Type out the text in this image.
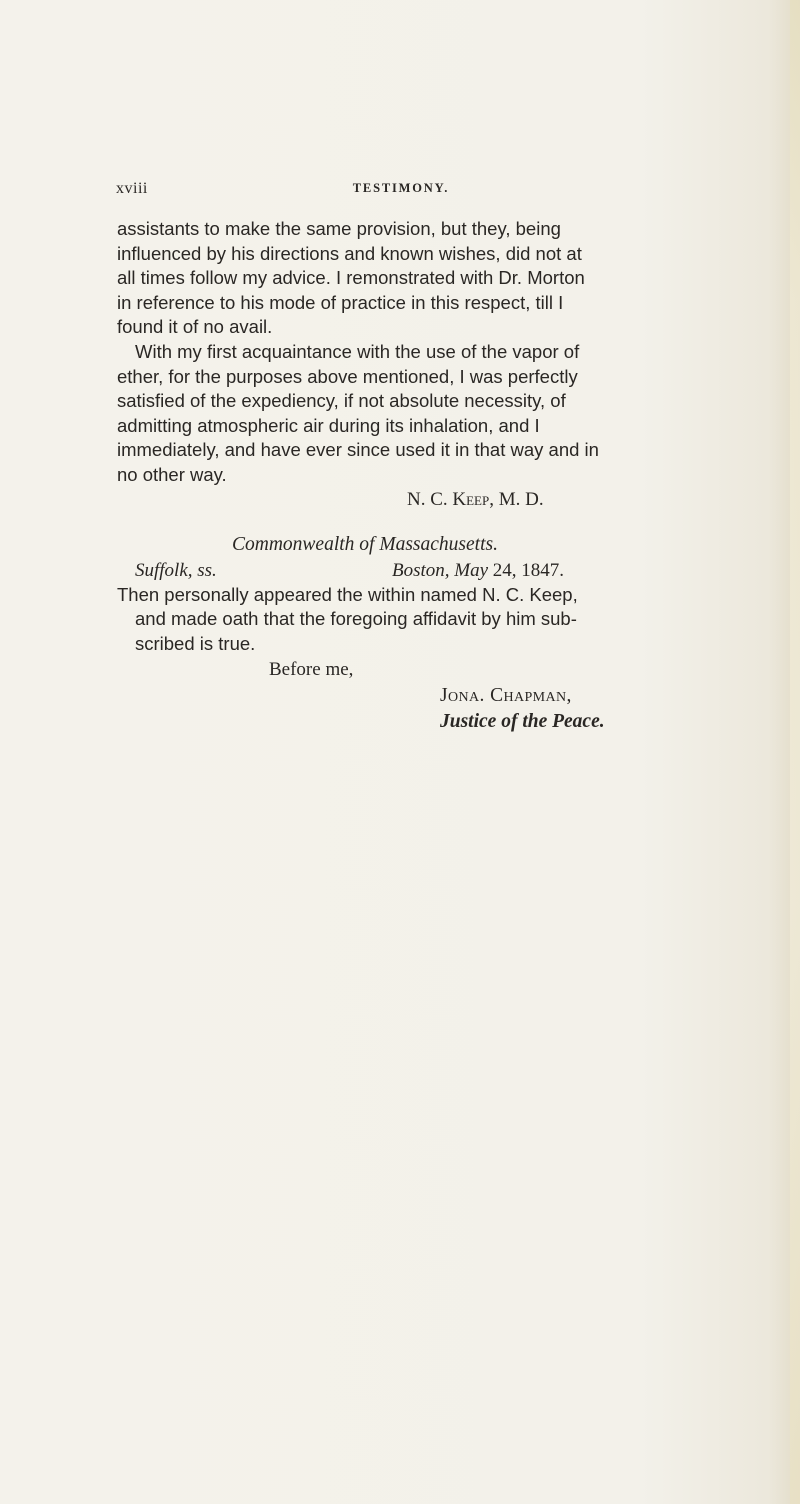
xviii	TESTIMONY.
assistants to make the same provision, but they, being
influenced by his directions and known wishes, did not at
all times follow my advice. I remonstrated with Dr. Morton
in reference to his mode of practice in this respect, till I
found it of no avail.
With my first acquaintance with the use of the vapor of
ether, for the purposes above mentioned, I was perfectly
satisfied of the expediency, if not absolute necessity, of
admitting atmospheric air during its inhalation, and I
immediately, and have ever since used it in that way and in
no other way.
N. C. Keep, M. D.
Commonwealth of Massachusetts.
Suffolk, ss.	Boston, May 24, 1847.
Then personally appeared the within named N. C. Keep,
and made oath that the foregoing affidavit by him sub-
scribed is true.
Before me,
Jona. Chapman,
Justice of the Peace.
